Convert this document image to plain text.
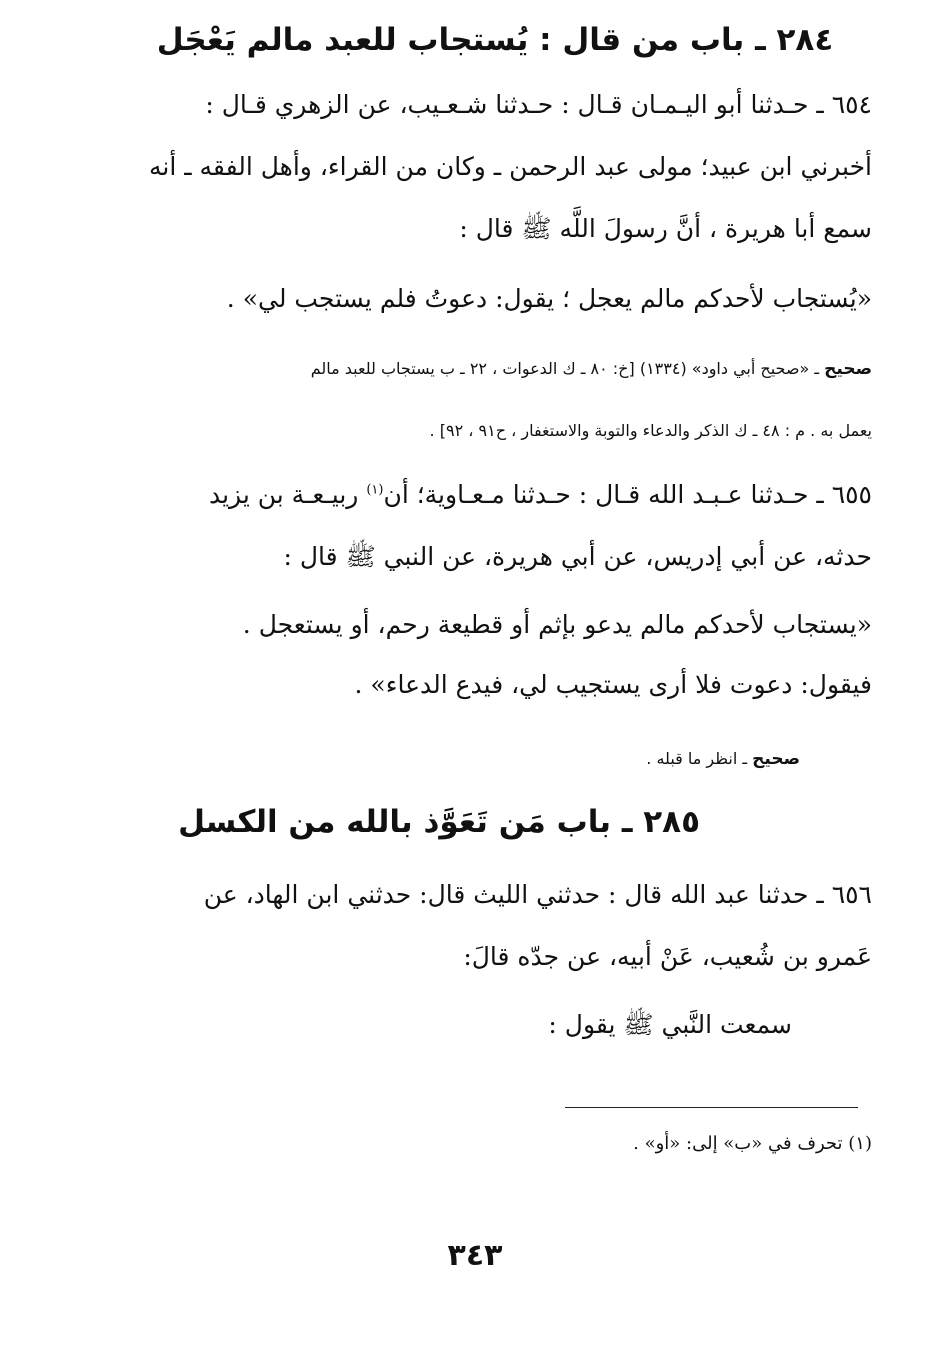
٢٨٤ ـ باب من قال : يُستجاب للعبد مالم يَعْجَل
٦٥٤ ـ حـدثنا أبو اليـمـان قـال : حـدثنا شـعـيب، عن الزهري قـال :
أخبرني ابن عبيد؛ مولى عبد الرحمن ـ وكان من القراء، وأهل الفقه ـ أنه
سمع أبا هريرة ، أنَّ رسولَ اللَّه ﷺ قال :
«يُستجاب لأحدكم مالم يعجل ؛ يقول: دعوتُ فلم يستجب لي» .
صحيح ـ «صحيح أبي داود» (١٣٣٤) [خ: ٨٠ ـ ك الدعوات ، ٢٢ ـ ب يستجاب للعبد مالم
يعمل به . م : ٤٨ ـ ك الذكر والدعاء والتوبة والاستغفار ، ح٩١ ، ٩٢] .
٦٥٥ ـ حـدثنا عـبـد الله قـال : حـدثنا مـعـاوية؛ أن$^{(١)}$ ربيـعـة بن يزيد
حدثه، عن أبي إدريس، عن أبي هريرة، عن النبي ﷺ قال :
«يستجاب لأحدكم مالم يدعو بإثم أو قطيعة رحم، أو يستعجل .
فيقول: دعوت فلا أرى يستجيب لي، فيدع الدعاء» .
صحيح ـ انظر ما قبله .
٢٨٥ ـ باب مَن تَعَوَّذ بالله من الكسل
٦٥٦ ـ حدثنا عبد الله قال : حدثني الليث قال: حدثني ابن الهاد، عن
عَمرو بن شُعيب، عَنْ أبيه، عن جدّه قالَ:
سمعت النَّبي ﷺ يقول :
(١) تحرف في «ب» إلى: «أو» .
٣٤٣
